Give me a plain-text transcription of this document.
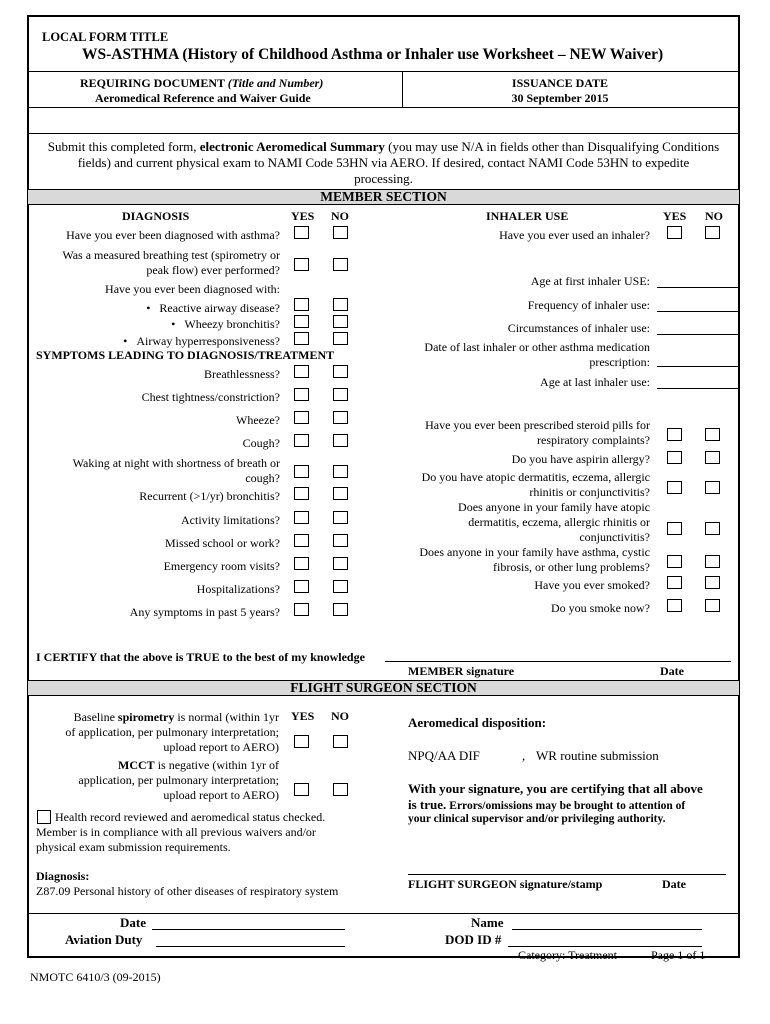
LOCAL FORM TITLE
WS-ASTHMA (History of Childhood Asthma or Inhaler use Worksheet – NEW Waiver)
REQUIRING DOCUMENT (Title and Number)
Aeromedical Reference and Waiver Guide
ISSUANCE DATE
30 September 2015
Submit this completed form, electronic Aeromedical Summary (you may use N/A in fields other than Disqualifying Conditions
fields) and current physical exam to NAMI Code 53HN via AERO. If desired, contact NAMI Code 53HN to expedite
processing.
MEMBER SECTION
DIAGNOSIS	YES NO
Have you ever been diagnosed with asthma?
Was a measured breathing test (spirometry or
peak flow) ever performed?
Have you ever been diagnosed with:
•   Reactive airway disease?
•   Wheezy bronchitis?
•   Airway hyperresponsiveness?
SYMPTOMS LEADING TO DIAGNOSIS/TREATMENT
Breathlessness?
Chest tightness/constriction?
Wheeze?
Cough?
Waking at night with shortness of breath or
cough?
Recurrent (>1/yr) bronchitis?
Activity limitations?
Missed school or work?
Emergency room visits?
Hospitalizations?
Any symptoms in past 5 years?
INHALER USE	YES NO
Have you ever used an inhaler?
Age at first inhaler USE:
Frequency of inhaler use:
Circumstances of inhaler use:
Date of last inhaler or other asthma medication
prescription:
Age at last inhaler use:
Have you ever been prescribed steroid pills for
respiratory complaints?
Do you have aspirin allergy?
Do you have atopic dermatitis, eczema, allergic
rhinitis or conjunctivitis?
Does anyone in your family have atopic
dermatitis, eczema, allergic rhinitis or
conjunctivitis?
Does anyone in your family have asthma, cystic
fibrosis, or other lung problems?
Have you ever smoked?
Do you smoke now?
I CERTIFY that the above is TRUE to the best of my knowledge
MEMBER signature	Date
FLIGHT SURGEON SECTION
YES NO
Baseline spirometry is normal (within 1yr
of application, per pulmonary interpretation;
upload report to AERO)
MCCT is negative (within 1yr of
application, per pulmonary interpretation;
upload report to AERO)
Health record reviewed and aeromedical status checked.
Member is in compliance with all previous waivers and/or
physical exam submission requirements.
Diagnosis:
Z87.09 Personal history of other diseases of respiratory system
Aeromedical disposition:
NPQ/AA DIF	, WR routine submission
With your signature, you are certifying that all above
is true. Errors/omissions may be brought to attention of
your clinical supervisor and/or privileging authority.
FLIGHT SURGEON signature/stamp	Date
Date
Aviation Duty
Name
DOD ID #
Category: Treatment	Page 1 of 1
NMOTC 6410/3 (09-2015)
